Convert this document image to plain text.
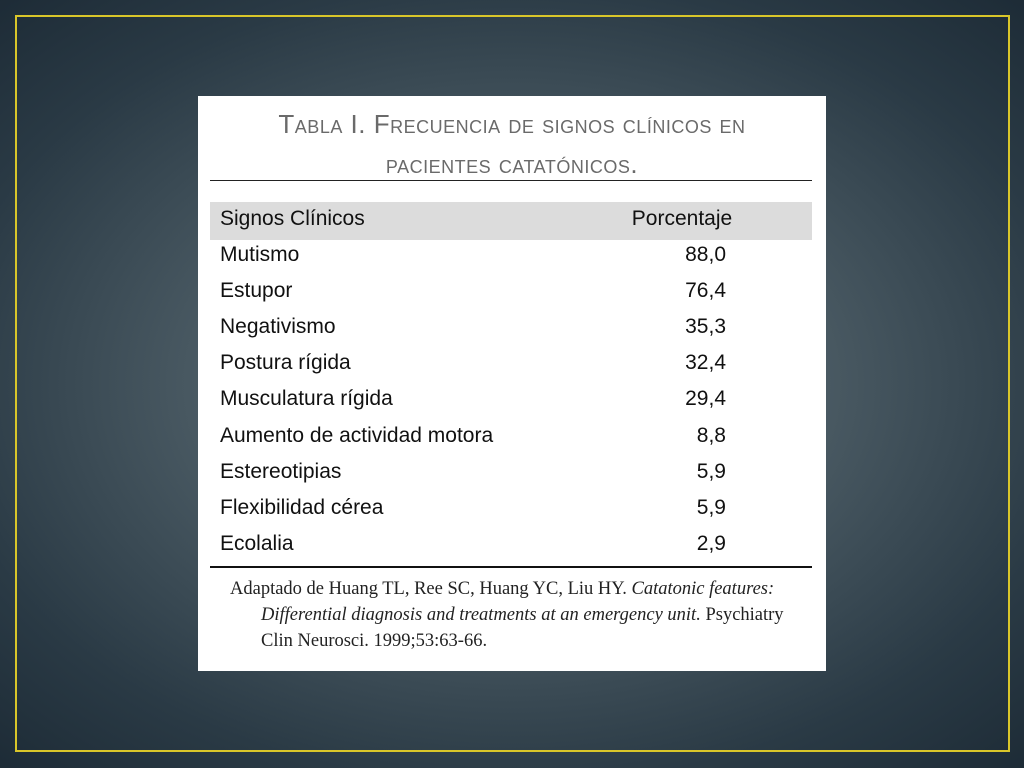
Tabla I. Frecuencia de signos clínicos en
pacientes catatónicos.
Signos Clínicos	Porcentaje
Mutismo	88,0
Estupor	76,4
Negativismo	35,3
Postura rígida	32,4
Musculatura rígida	29,4
Aumento de actividad motora	8,8
Estereotipias	5,9
Flexibilidad cérea	5,9
Ecolalia	2,9
Adaptado de Huang TL, Ree SC, Huang YC, Liu HY. Catatonic features: Differential diagnosis and treatments at an emergency unit. Psychiatry Clin Neurosci. 1999;53:63-66.
